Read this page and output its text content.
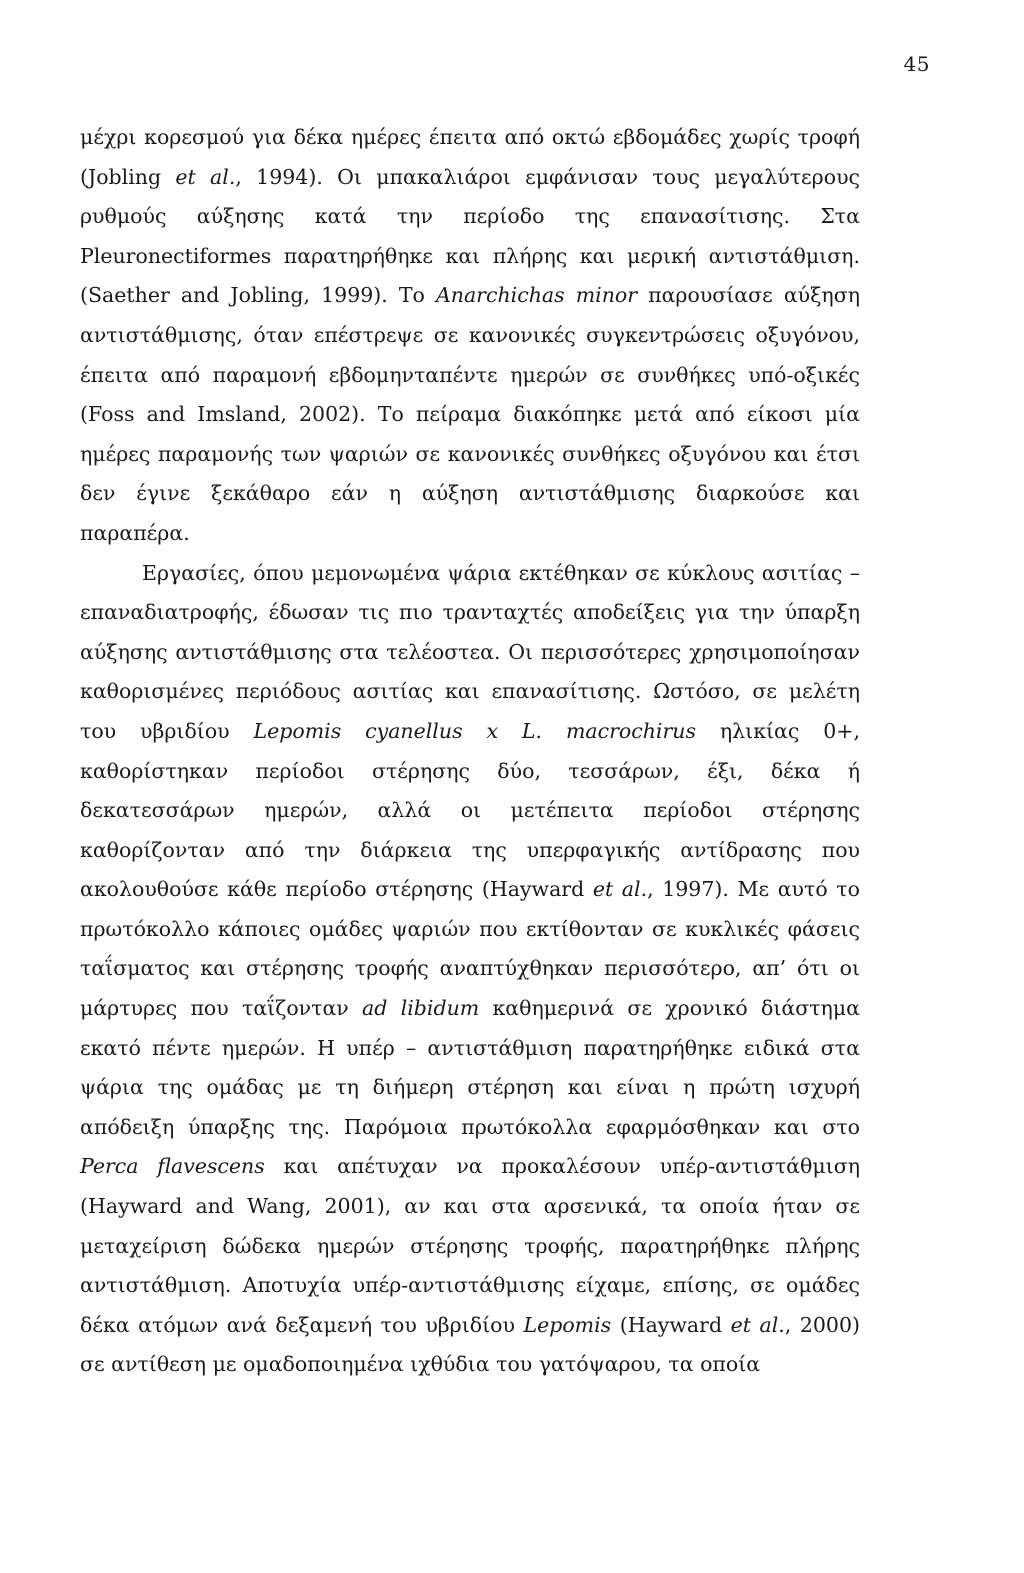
45

μέχρι κορεσμού για δέκα ημέρες έπειτα από οκτώ εβδομάδες χωρίς τροφή (Jobling et al., 1994). Οι μπακαλιάροι εμφάνισαν τους μεγαλύτερους ρυθμούς αύξησης κατά την περίοδο της επανασίτισης. Στα Pleuronectiformes παρατηρήθηκε και πλήρης και μερική αντιστάθμιση. (Saether and Jobling, 1999). Το Anarchichas minor παρουσίασε αύξηση αντιστάθμισης, όταν επέστρεψε σε κανονικές συγκεντρώσεις οξυγόνου, έπειτα από παραμονή εβδομηνταπέντε ημερών σε συνθήκες υπό-οξικές (Foss and Imsland, 2002). Το πείραμα διακόπηκε μετά από είκοσι μία ημέρες παραμονής των ψαριών σε κανονικές συνθήκες οξυγόνου και έτσι δεν έγινε ξεκάθαρο εάν η αύξηση αντιστάθμισης διαρκούσε και παραπέρα.

Εργασίες, όπου μεμονωμένα ψάρια εκτέθηκαν σε κύκλους ασιτίας – επαναδιατροφής, έδωσαν τις πιο τρανταχτές αποδείξεις για την ύπαρξη αύξησης αντιστάθμισης στα τελέοστεα. Οι περισσότερες χρησιμοποίησαν καθορισμένες περιόδους ασιτίας και επανασίτισης. Ωστόσο, σε μελέτη του υβριδίου Lepomis cyanellus x L. macrochirus ηλικίας 0+, καθορίστηκαν περίοδοι στέρησης δύο, τεσσάρων, έξι, δέκα ή δεκατεσσάρων ημερών, αλλά οι μετέπειτα περίοδοι στέρησης καθορίζονταν από την διάρκεια της υπερφαγικής αντίδρασης που ακολουθούσε κάθε περίοδο στέρησης (Hayward et al., 1997). Με αυτό το πρωτόκολλο κάποιες ομάδες ψαριών που εκτίθονταν σε κυκλικές φάσεις ταΐσματος και στέρησης τροφής αναπτύχθηκαν περισσότερο, απ’ ότι οι μάρτυρες που ταΐζονταν ad libidum καθημερινά σε χρονικό διάστημα εκατό πέντε ημερών. Η υπέρ – αντιστάθμιση παρατηρήθηκε ειδικά στα ψάρια της ομάδας με τη διήμερη στέρηση και είναι η πρώτη ισχυρή απόδειξη ύπαρξης της. Παρόμοια πρωτόκολλα εφαρμόσθηκαν και στο Perca flavescens και απέτυχαν να προκαλέσουν υπέρ-αντιστάθμιση (Hayward and Wang, 2001), αν και στα αρσενικά, τα οποία ήταν σε μεταχείριση δώδεκα ημερών στέρησης τροφής, παρατηρήθηκε πλήρης αντιστάθμιση. Αποτυχία υπέρ-αντιστάθμισης είχαμε, επίσης, σε ομάδες δέκα ατόμων ανά δεξαμενή του υβριδίου Lepomis (Hayward et al., 2000) σε αντίθεση με ομαδοποιημένα ιχθύδια του γατόψαρου, τα οποία
